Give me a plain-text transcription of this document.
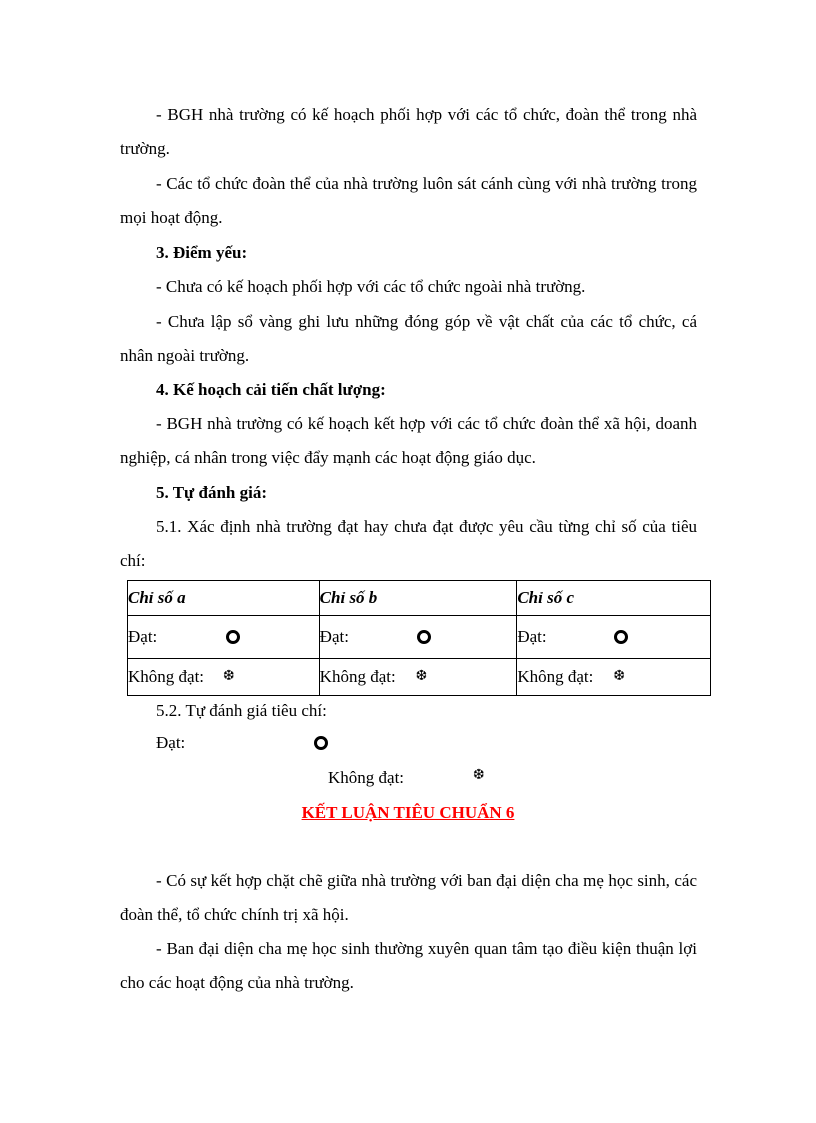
- BGH nhà trường có kế hoạch phối hợp với các tổ chức, đoàn thể trong nhà trường.
- Các tổ chức đoàn thể của nhà trường luôn sát cánh cùng với nhà trường trong mọi hoạt động.
3. Điểm yếu:
- Chưa có kế hoạch phối hợp với các tổ chức ngoài nhà trường.
- Chưa lập sổ vàng ghi lưu những đóng góp về vật chất của các tổ chức, cá nhân ngoài trường.
4. Kế hoạch cải tiến chất lượng:
- BGH nhà trường có kế hoạch kết hợp với các tổ chức đoàn thể xã hội, doanh nghiệp, cá nhân trong việc đẩy mạnh các hoạt động giáo dục.
5. Tự đánh giá:
5.1. Xác định nhà trường đạt hay chưa đạt được yêu cầu từng chỉ số của tiêu chí:
Chỉ số a	Chỉ số b	Chỉ số c

Đạt:	Đạt:	Đạt:

Không đạt: ❆	Không đạt: ❆	Không đạt: ❆
5.2. Tự đánh giá tiêu chí:
Đạt:
Không đạt:	❆
KẾT LUẬN TIÊU CHUẨN 6
- Có sự kết hợp chặt chẽ giữa nhà trường với ban đại diện cha mẹ học sinh, các đoàn thể, tổ chức chính trị xã hội.
- Ban đại diện cha mẹ học sinh thường xuyên quan tâm tạo điều kiện thuận lợi cho các hoạt động của nhà trường.
